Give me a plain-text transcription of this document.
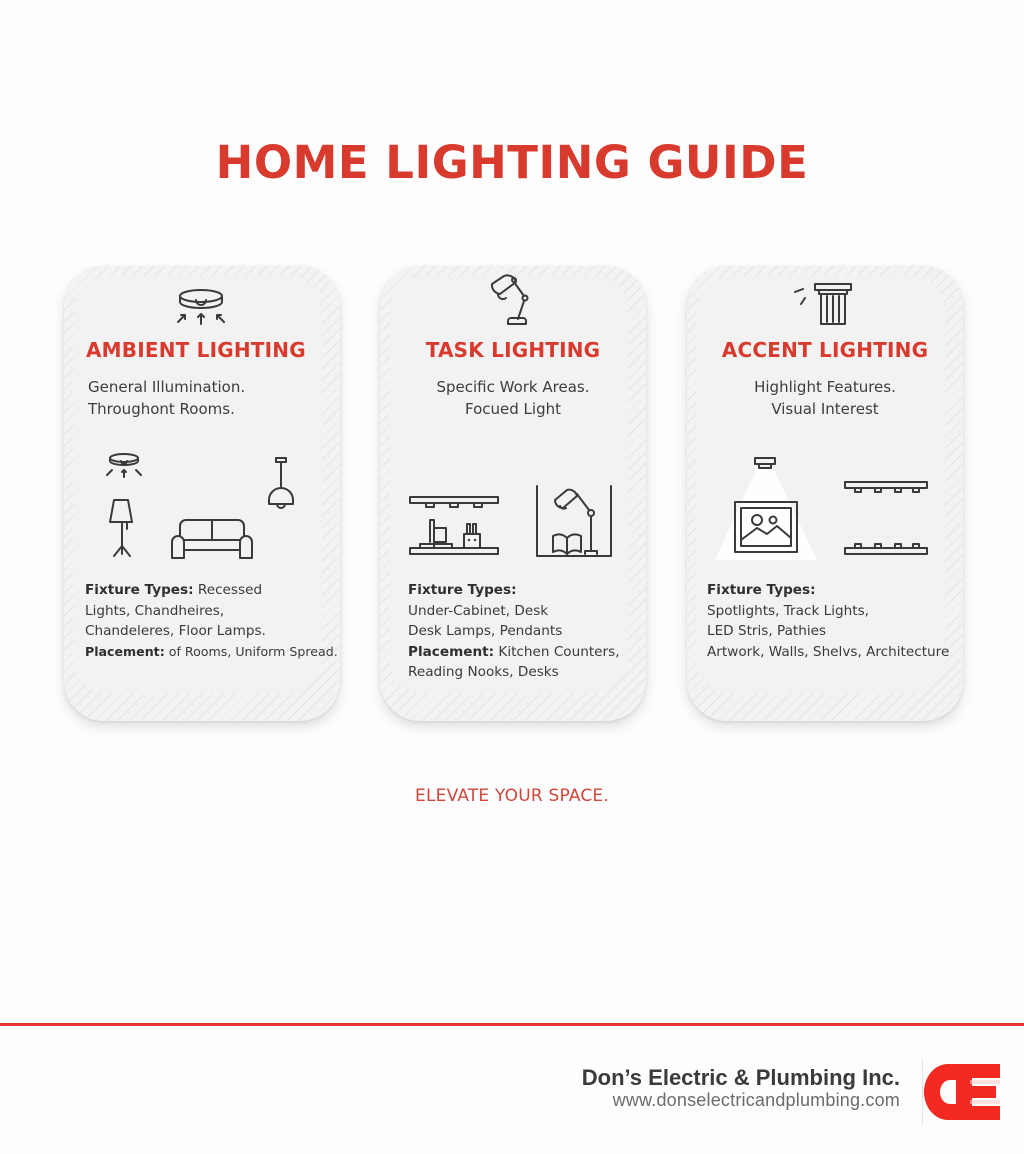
HOME LIGHTING GUIDE
AMBIENT LIGHTING
General Illumination.
Throughont Rooms.
Fixture Types: Recessed
Lights, Chandheires,
Chandeleres, Floor Lamps.
Placement: of Rooms, Uniform Spread.
TASK LIGHTING
Specific Work Areas.
Focued Light
Fixture Types:
Under-Cabinet, Desk
Desk Lamps, Pendants
Placement: Kitchen Counters,
Reading Nooks, Desks
ACCENT LIGHTING
Highlight Features.
Visual Interest
Fixture Types:
Spotlights, Track Lights,
LED Stris, Pathies
Artwork, Walls, Shelvs, Architecture
ELEVATE YOUR SPACE.
Don’s Electric & Plumbing Inc.
www.donselectricandplumbing.com
